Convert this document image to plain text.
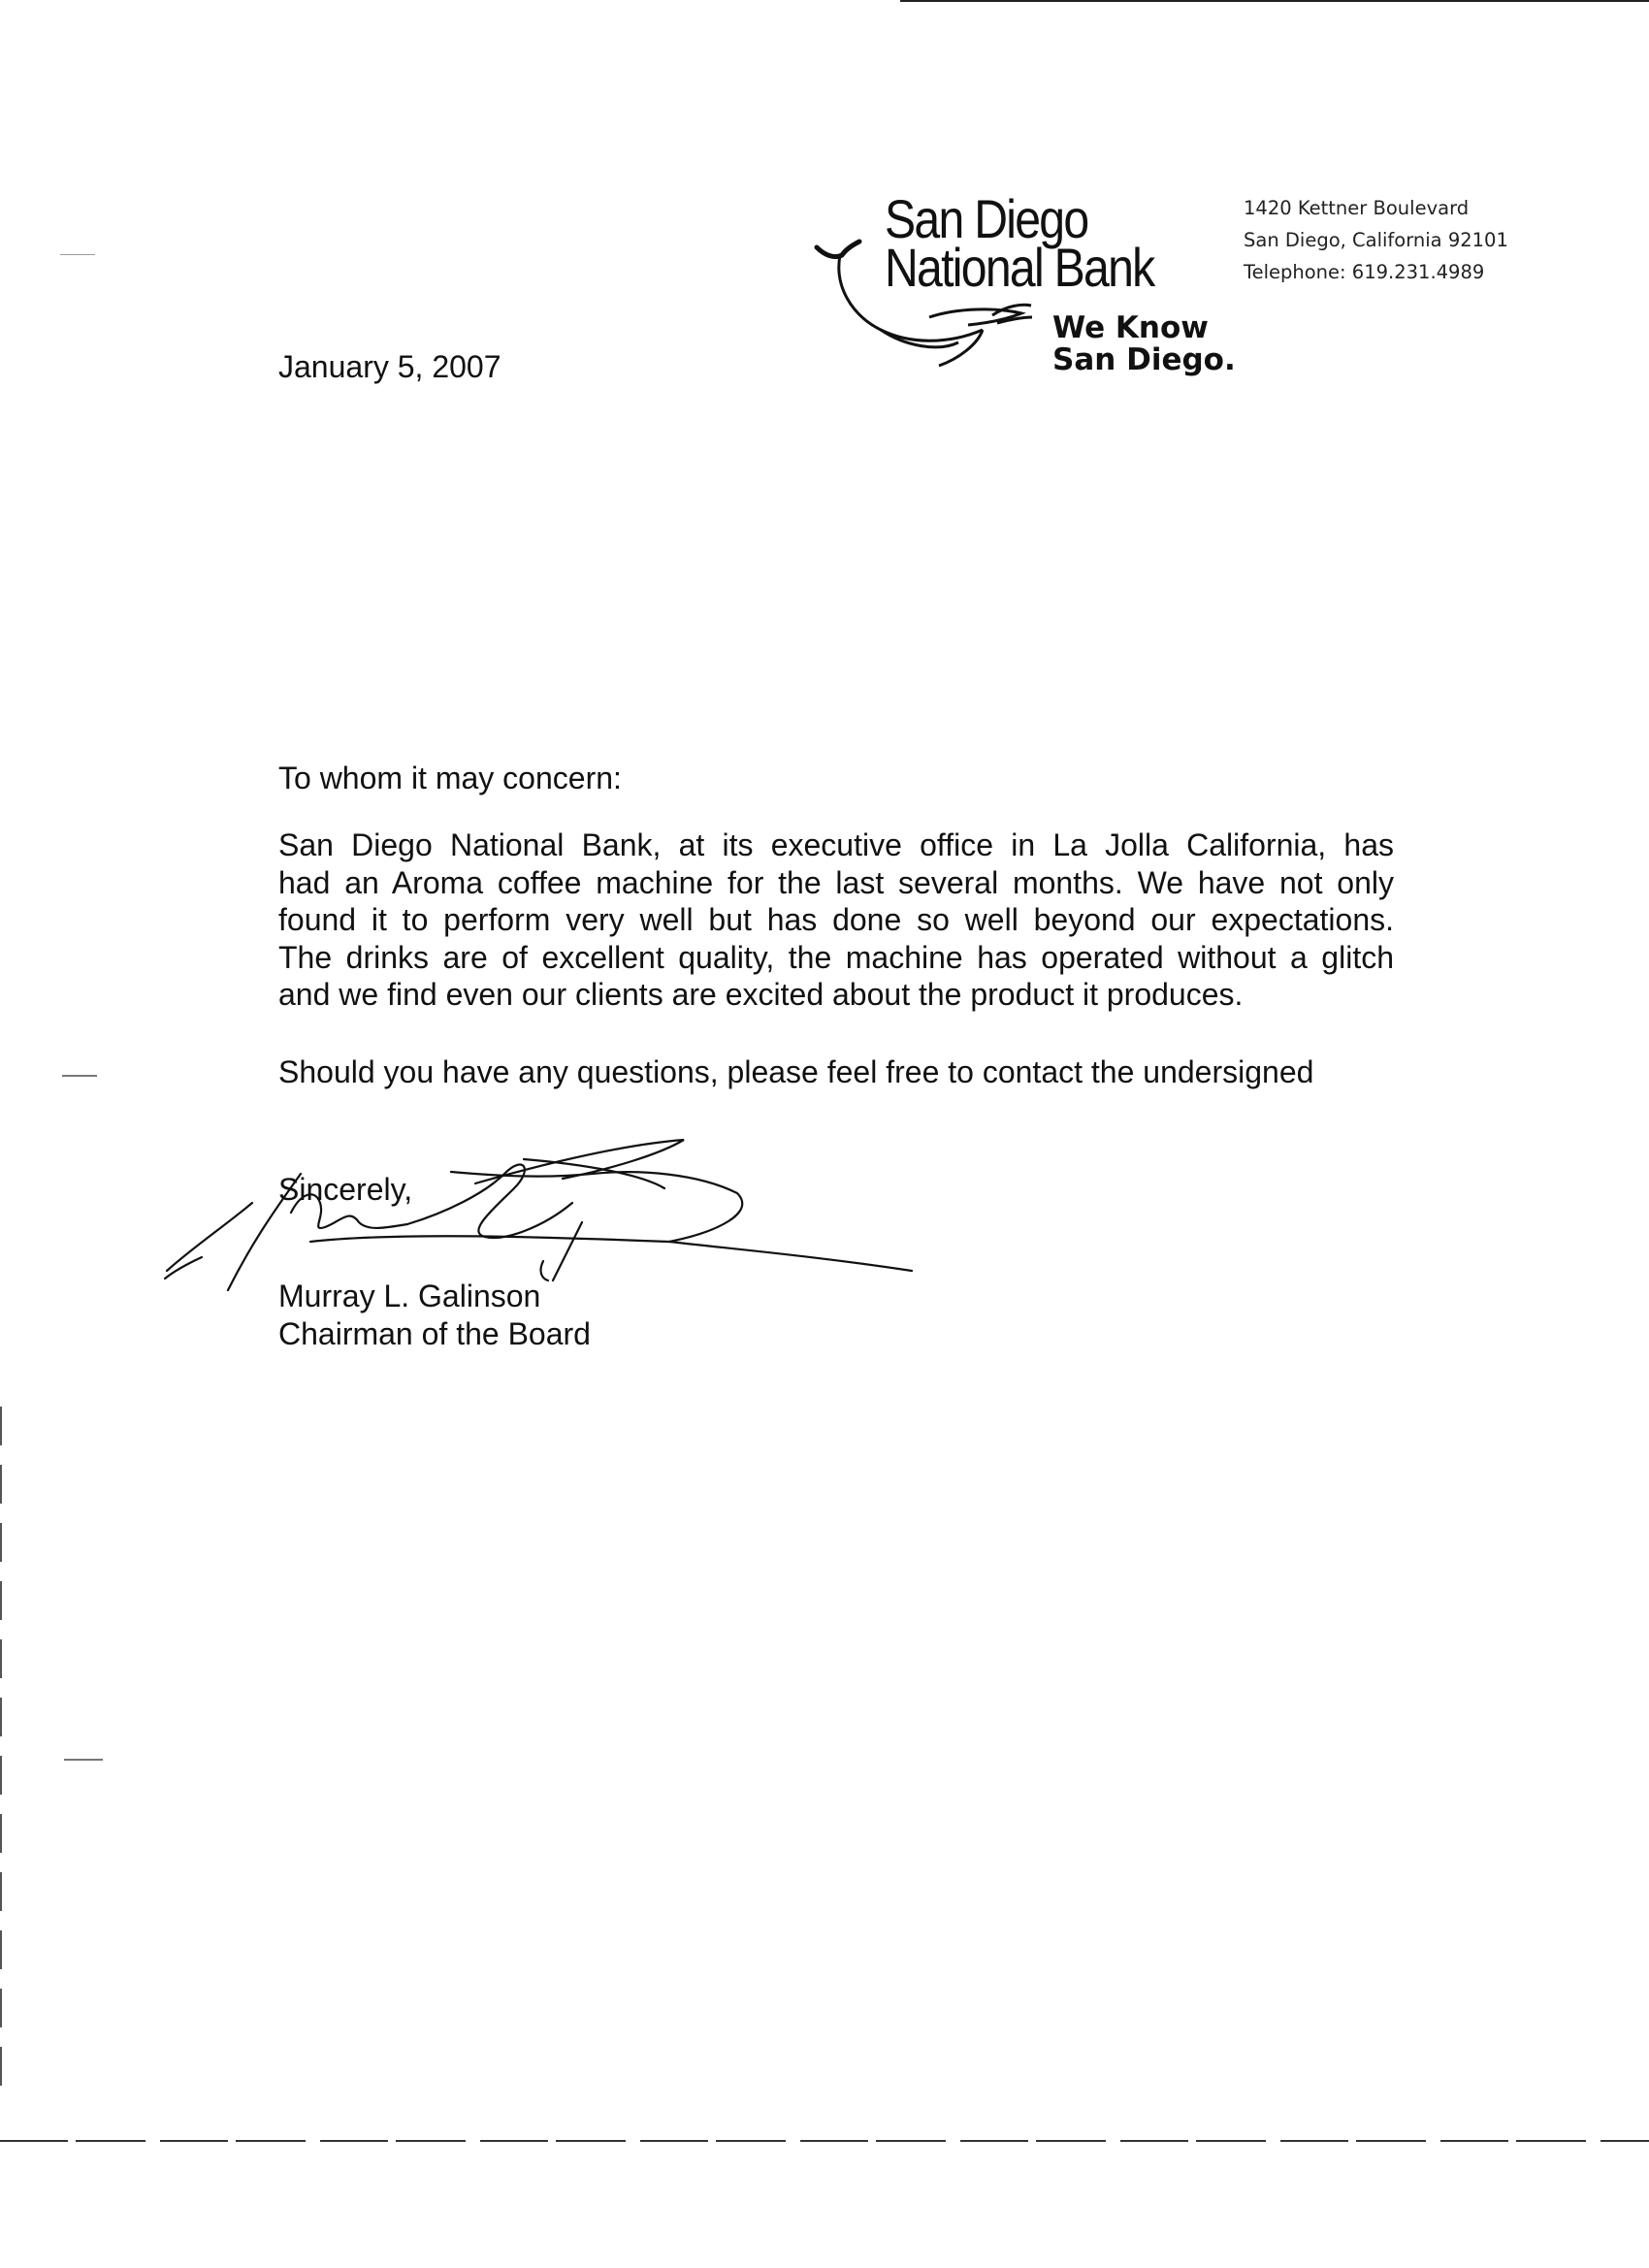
San Diego
National Bank
We Know
San Diego.
1420 Kettner Boulevard
San Diego, California 92101
Telephone: 619.231.4989
January 5, 2007
To whom it may concern:
San Diego National Bank, at its executive office in La Jolla California, has
had an Aroma coffee machine for the last several months. We have not only
found it to perform very well but has done so well beyond our expectations.
The drinks are of excellent quality, the machine has operated without a glitch
and we find even our clients are excited about the product it produces.
Should you have any questions, please feel free to contact the undersigned
Sincerely,
Murray L. Galinson
Chairman of the Board
